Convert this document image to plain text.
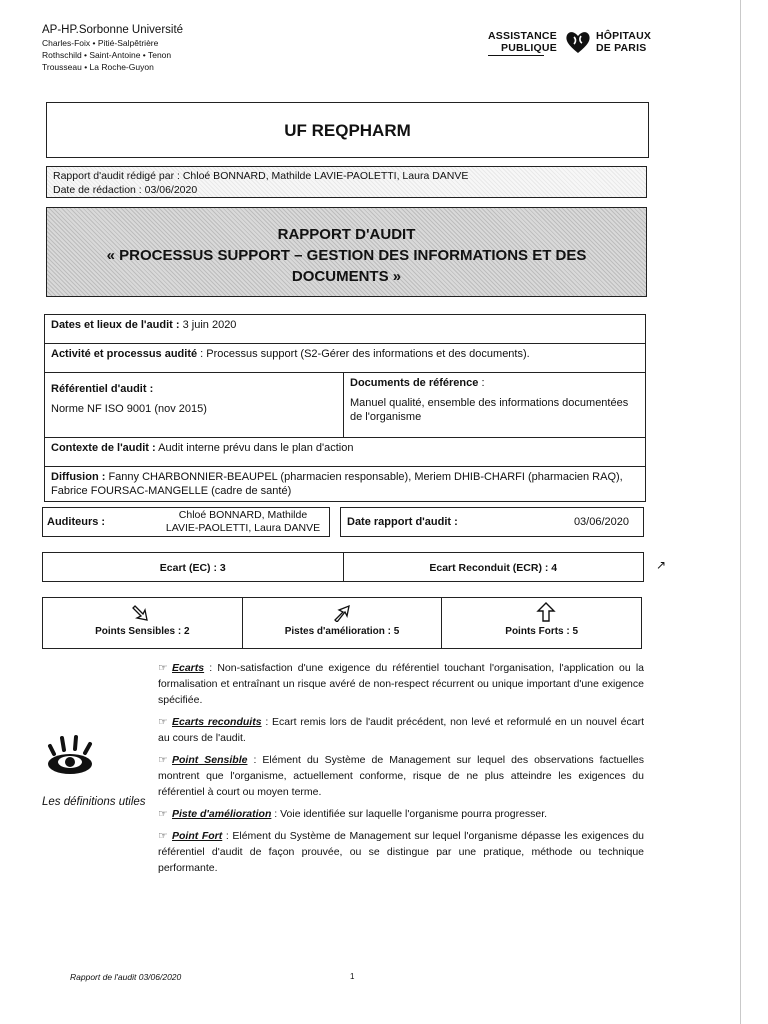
AP-HP.Sorbonne Université
Charles-Foix • Pitié-Salpêtrière
Rothschild • Saint-Antoine • Tenon
Trousseau • La Roche-Guyon
ASSISTANCE
PUBLIQUE
HÔPITAUX
DE PARIS
UF REQPHARM
Rapport d'audit rédigé par : Chloé BONNARD, Mathilde LAVIE-PAOLETTI, Laura DANVE
Date de rédaction : 03/06/2020
RAPPORT D'AUDIT
« PROCESSUS SUPPORT – GESTION DES INFORMATIONS ET DES
DOCUMENTS »
Dates et lieux de l'audit : 3 juin 2020
Activité et processus audité : Processus support (S2-Gérer des informations et des documents).

Référentiel d'audit :
Norme NF ISO 9001 (nov 2015)

Documents de référence :
Manuel qualité, ensemble des informations documentées de l'organisme

Contexte de l'audit : Audit interne prévu dans le plan d'action
Diffusion : Fanny CHARBONNIER-BEAUPEL (pharmacien responsable), Meriem DHIB-CHARFI (pharmacien RAQ), Fabrice FOURSAC-MANGELLE (cadre de santé)
Auditeurs :
Chloé BONNARD, Mathilde LAVIE-PAOLETTI, Laura DANVE Date rapport d'audit :	03/06/2020
Ecart (EC) : 3	Ecart Reconduit (ECR) : 4	↗
Points Sensibles : 2	Pistes d'amélioration : 5	Points Forts : 5
Les définitions utiles

☞ Ecarts : Non-satisfaction d'une exigence du référentiel touchant l'organisation, l'application ou la formalisation et entraînant un risque avéré de non-respect récurrent ou unique important d'une exigence spécifiée.

☞ Ecarts reconduits : Ecart remis lors de l'audit précédent, non levé et reformulé en un nouvel écart au cours de l'audit.

☞ Point Sensible : Elément du Système de Management sur lequel des observations factuelles montrent que l'organisme, actuellement conforme, risque de ne plus atteindre les exigences du référentiel à court ou moyen terme.

☞ Piste d'amélioration : Voie identifiée sur laquelle l'organisme pourra progresser.

☞ Point Fort : Elément du Système de Management sur lequel l'organisme dépasse les exigences du référentiel d'audit de façon prouvée, ou se distingue par une pratique, méthode ou technique performante.

Rapport de l'audit 03/06/2020	1
